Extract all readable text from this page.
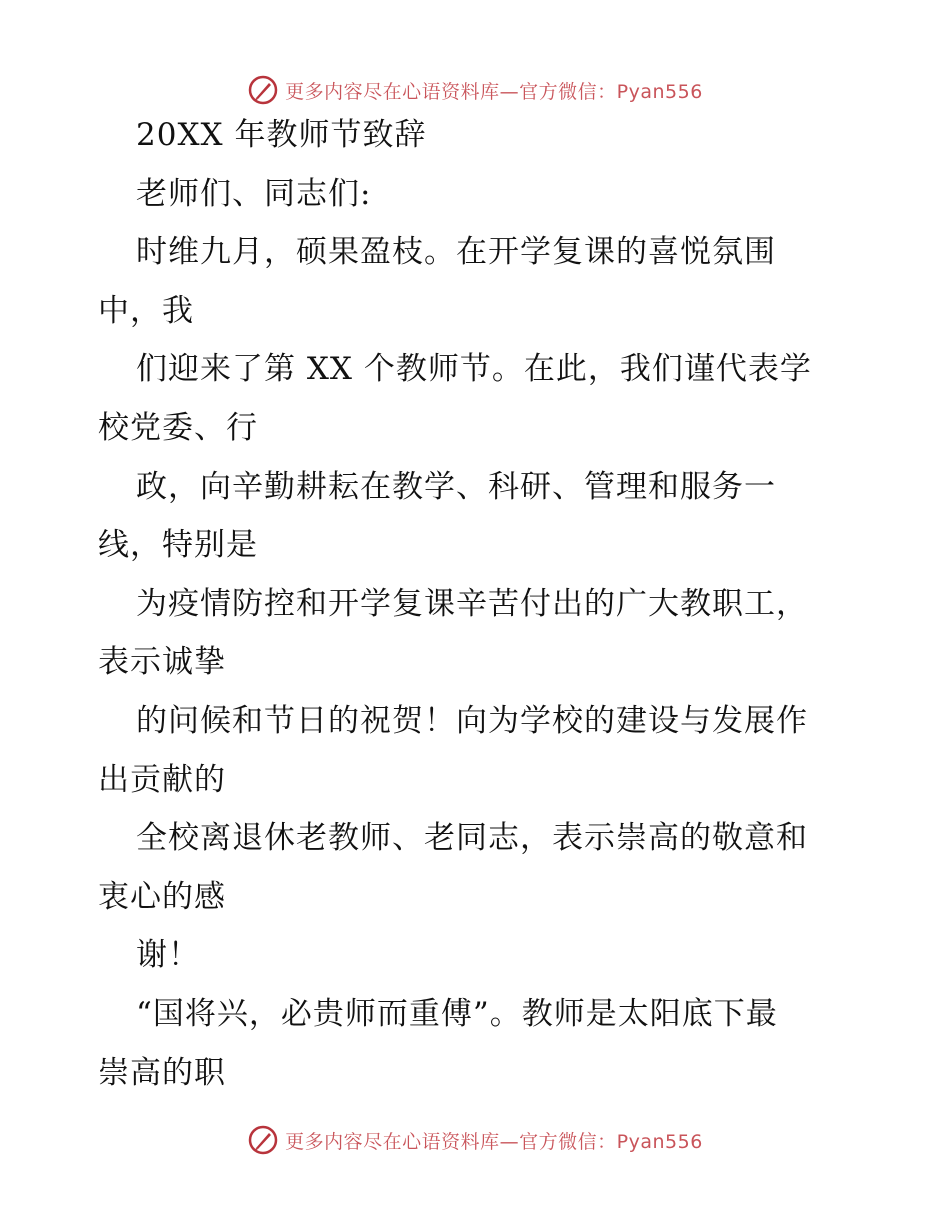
更多内容尽在心语资料库—官方微信：Pyan556
20XX 年教师节致辞
老师们、同志们:
时维九月，硕果盈枝。在开学复课的喜悦氛围
中，我
们迎来了第 XX 个教师节。在此，我们谨代表学
校党委、行
政，向辛勤耕耘在教学、科研、管理和服务一
线，特别是
为疫情防控和开学复课辛苦付出的广大教职工，
表示诚挚
的问候和节日的祝贺！向为学校的建设与发展作
出贡献的
全校离退休老教师、老同志，表示崇高的敬意和
衷心的感
谢！
“国将兴，必贵师而重傅”。教师是太阳底下最
崇高的职
更多内容尽在心语资料库—官方微信：Pyan556
